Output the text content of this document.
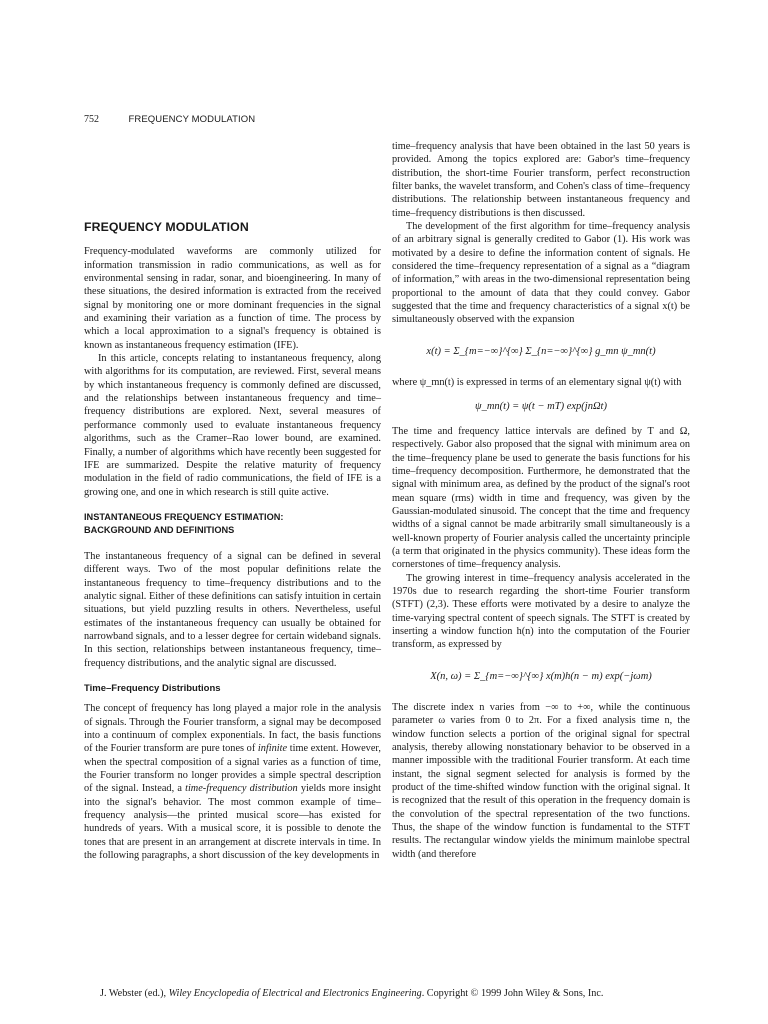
752	FREQUENCY MODULATION
FREQUENCY MODULATION

Frequency-modulated waveforms are commonly utilized for information transmission in radio communications, as well as for environmental sensing in radar, sonar, and bioengineering. In many of these situations, the desired information is extracted from the received signal by monitoring one or more dominant frequencies in the signal and examining their variation as a function of time. The process by which a local approximation to a signal's frequency is obtained is known as instantaneous frequency estimation (IFE).

In this article, concepts relating to instantaneous frequency, along with algorithms for its computation, are reviewed. First, several means by which instantaneous frequency is commonly defined are discussed, and the relationships between instantaneous frequency and time–frequency distributions are explored. Next, several measures of performance commonly used to evaluate instantaneous frequency algorithms, such as the Cramer–Rao lower bound, are examined. Finally, a number of algorithms which have recently been suggested for IFE are summarized. Despite the relative maturity of frequency modulation in the field of radio communications, the field of IFE is a growing one, and one in which research is still quite active.

INSTANTANEOUS FREQUENCY ESTIMATION:
BACKGROUND AND DEFINITIONS

The instantaneous frequency of a signal can be defined in several different ways. Two of the most popular definitions relate the instantaneous frequency to time–frequency distributions and to the analytic signal. Either of these definitions can satisfy intuition in certain situations, but yield puzzling results in others. Nevertheless, useful estimates of the instantaneous frequency can usually be obtained for narrowband signals, and to a lesser degree for certain wideband signals. In this section, relationships between instantaneous frequency, time–frequency distributions, and the analytic signal are discussed.

Time–Frequency Distributions

The concept of frequency has long played a major role in the analysis of signals. Through the Fourier transform, a signal may be decomposed into a continuum of complex exponentials. In fact, the basis functions of the Fourier transform are pure tones of infinite time extent. However, when the spectral composition of a signal varies as a function of time, the Fourier transform no longer provides a simple spectral description of the signal. Instead, a time-frequency distribution yields more insight into the signal's behavior. The most common example of time–frequency analysis—the printed musical score—has existed for hundreds of years. With a musical score, it is possible to denote the tones that are present in an arrangement at discrete intervals in time. In the following paragraphs, a short discussion of the key developments in

time–frequency analysis that have been obtained in the last 50 years is provided. Among the topics explored are: Gabor's time–frequency distribution, the short-time Fourier transform, perfect reconstruction filter banks, the wavelet transform, and Cohen's class of time–frequency distributions. The relationship between instantaneous frequency and time–frequency distributions is then discussed.

The development of the first algorithm for time–frequency analysis of an arbitrary signal is generally credited to Gabor (1). His work was motivated by a desire to define the information content of signals. He considered the time–frequency representation of a signal as a “diagram of information,” with areas in the two-dimensional representation being proportional to the amount of data that they could convey. Gabor suggested that the time and frequency characteristics of a signal x(t) be simultaneously observed with the expansion

x(t) = Σ_{m=−∞}^{∞} Σ_{n=−∞}^{∞} g_mn ψ_mn(t)

where ψ_mn(t) is expressed in terms of an elementary signal ψ(t) with

ψ_mn(t) = ψ(t − mT) exp(jnΩt)

The time and frequency lattice intervals are defined by T and Ω, respectively. Gabor also proposed that the signal with minimum area on the time–frequency plane be used to generate the basis functions for his time–frequency decomposition. Furthermore, he demonstrated that the signal with minimum area, as defined by the product of the signal's root mean square (rms) width in time and frequency, was given by the Gaussian-modulated sinusoid. The concept that the time and frequency widths of a signal cannot be made arbitrarily small simultaneously is a well-known property of Fourier analysis called the uncertainty principle (a term that originated in the physics community). These ideas form the cornerstones of time–frequency analysis.

The growing interest in time–frequency analysis accelerated in the 1970s due to research regarding the short-time Fourier transform (STFT) (2,3). These efforts were motivated by a desire to analyze the time-varying spectral content of speech signals. The STFT is created by inserting a window function h(n) into the computation of the Fourier transform, as expressed by

X(n, ω) = Σ_{m=−∞}^{∞} x(m)h(n − m) exp(−jωm)

The discrete index n varies from −∞ to +∞, while the continuous parameter ω varies from 0 to 2π. For a fixed analysis time n, the window function selects a portion of the original signal for spectral analysis, thereby allowing nonstationary behavior to be observed in a manner impossible with the traditional Fourier transform. At each time instant, the signal segment selected for analysis is formed by the product of the time-shifted window function with the original signal. It is recognized that the result of this operation in the frequency domain is the convolution of the spectral representation of the two functions. Thus, the shape of the window function is fundamental to the STFT results. The rectangular window yields the minimum mainlobe spectral width (and therefore

J. Webster (ed.), Wiley Encyclopedia of Electrical and Electronics Engineering. Copyright © 1999 John Wiley & Sons, Inc.
